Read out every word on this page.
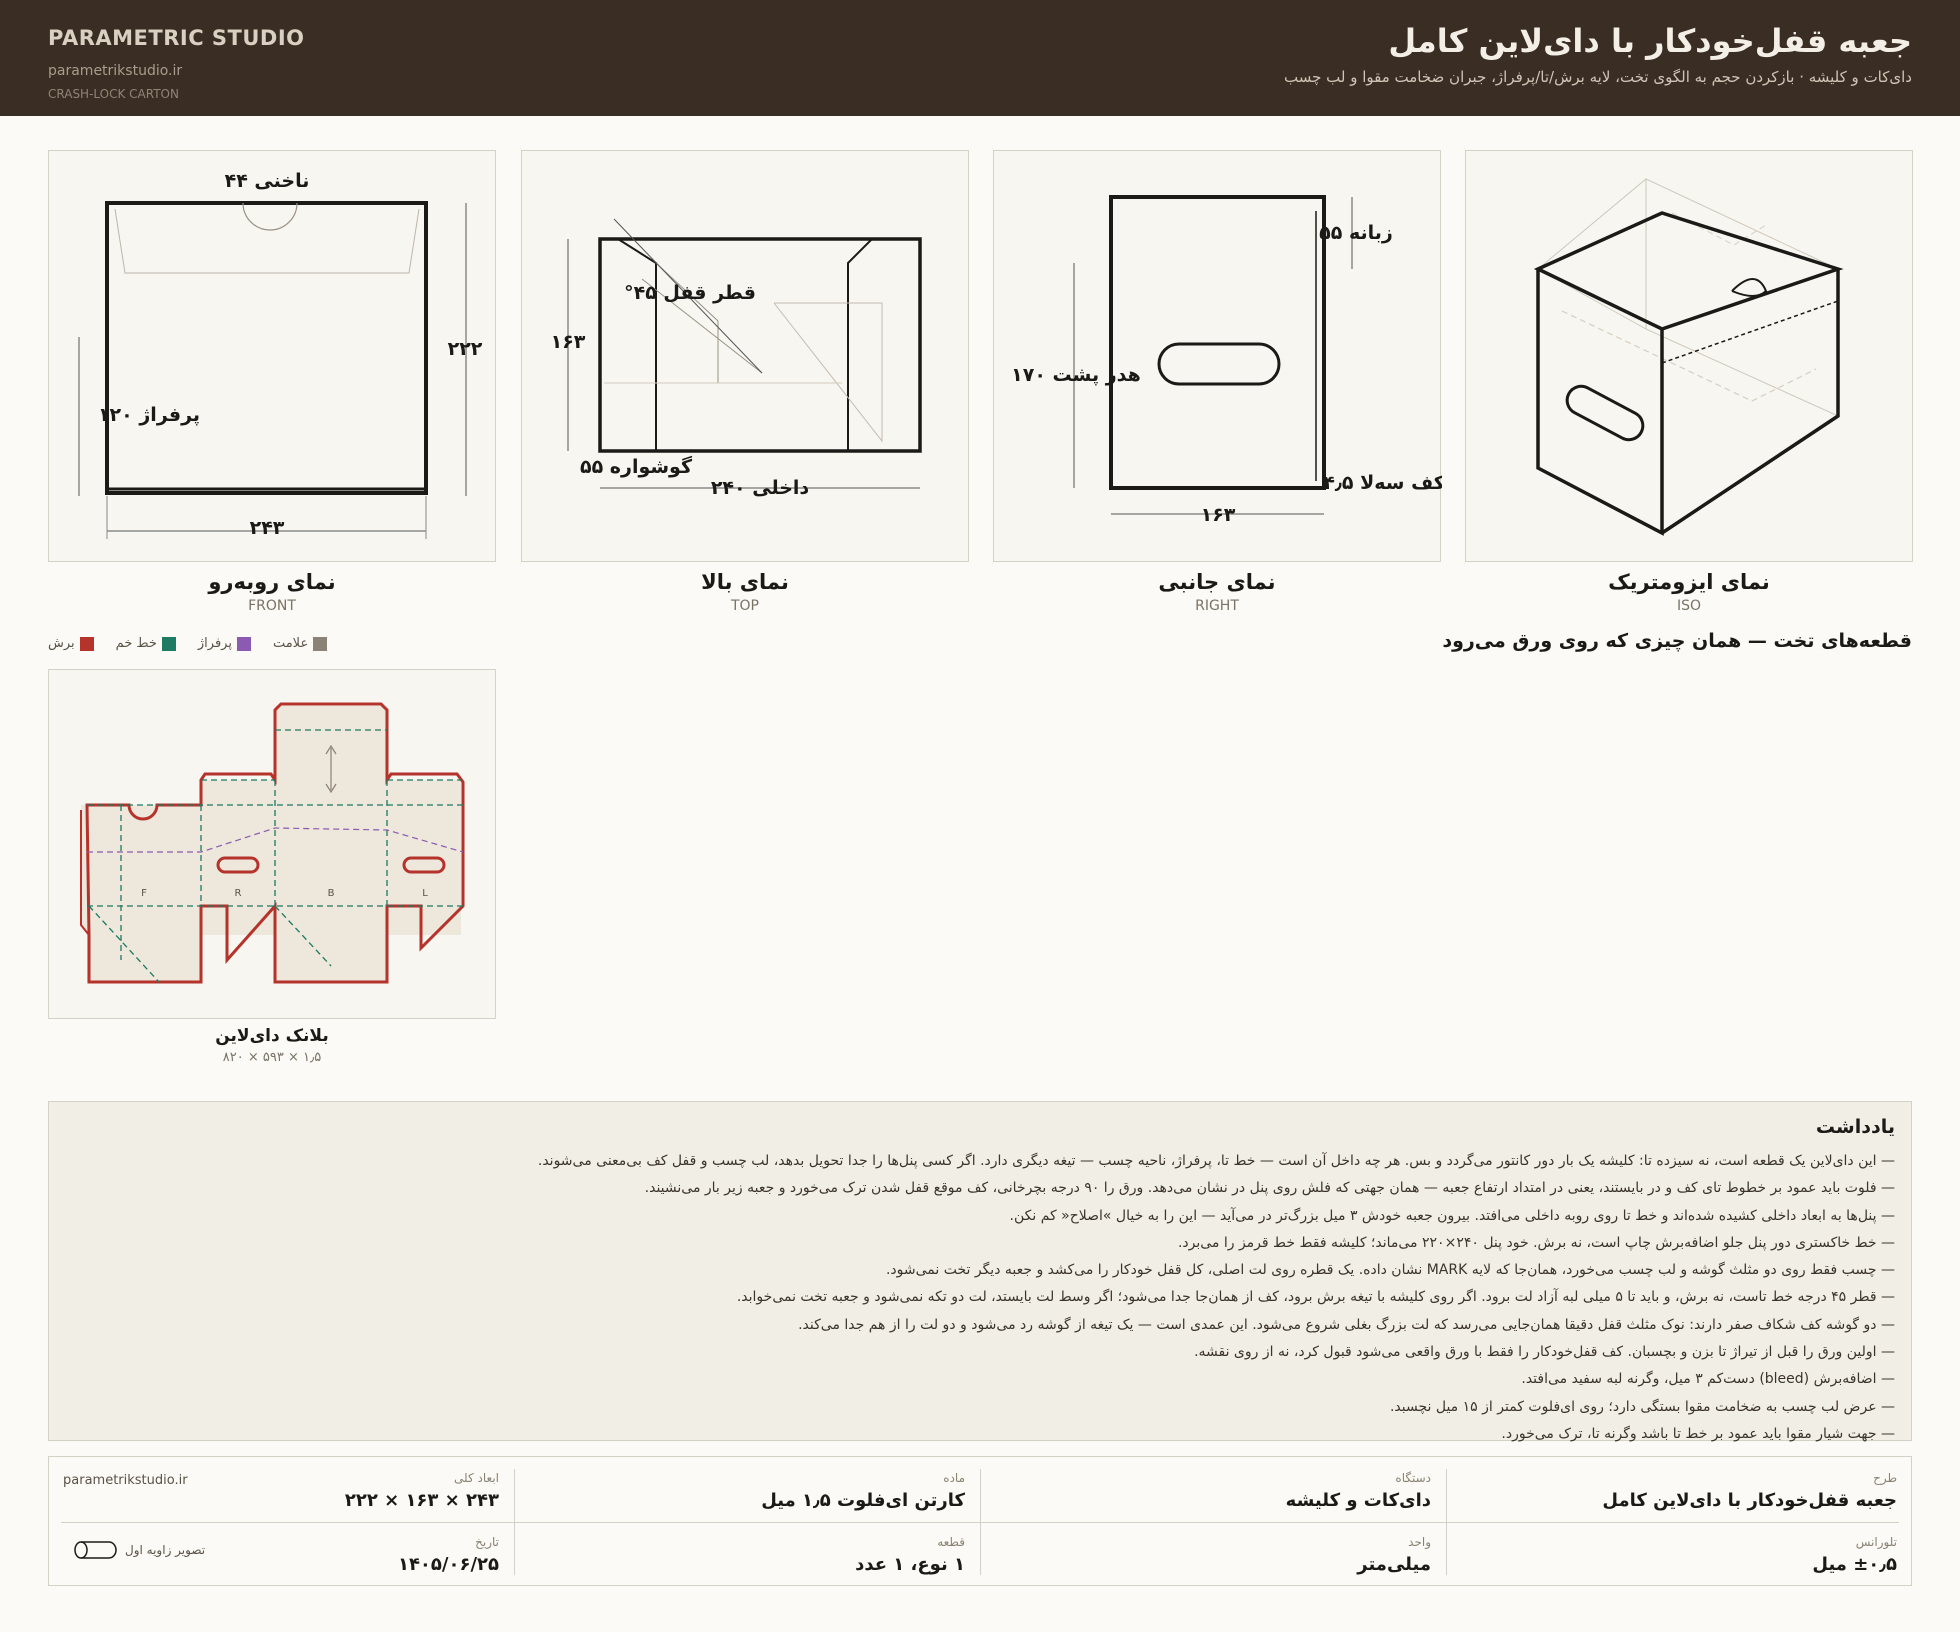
PARAMETRIC STUDIO
parametrikstudio.ir
CRASH-LOCK CARTON
جعبه قفل‌خودکار با دای‌لاین کامل
دای‌کات و کلیشه · بازکردن حجم به الگوی تخت، لایه برش/تا/پرفراژ، جبران ضخامت مقوا و لب چسب
ناخنی ۴۴
۲۲۲
پرفراژ ۱۲۰
۲۴۳
نمای روبه‌رو
FRONT
قطر قفل ۴۵°
۱۶۳
گوشواره ۵۵
داخلی ۲۴۰
نمای بالا
TOP
زبانه ۵۵
هدر پشت ۱۷۰
کف سه‌لا ۴٫۵
۱۶۳
نمای جانبی
RIGHT
نمای ایزومتریک
ISO
برش	خط خم	پرفراژ	علامت	قطعه‌های تخت — همان چیزی که روی ورق می‌رود
F	R	B	L
بلانک دای‌لاین
۸۲۰ × ۵۹۳ × ۱٫۵
یادداشت
— این دای‌لاین یک قطعه است، نه سیزده تا: کلیشه یک بار دور کانتور می‌گردد و بس. هر چه داخل آن است — خط تا، پرفراژ، ناحیه چسب — تیغه دیگری دارد. اگر کسی پنل‌ها را جدا تحویل بدهد، لب چسب و قفل کف بی‌معنی می‌شوند.
— فلوت باید عمود بر خطوط تای کف و در بایستند، یعنی در امتداد ارتفاع جعبه — همان جهتی که فلش روی پنل در نشان می‌دهد. ورق را ۹۰ درجه بچرخانی، کف موقع قفل شدن ترک می‌خورد و جعبه زیر بار می‌نشیند.
— پنل‌ها به ابعاد داخلی کشیده شده‌اند و خط تا روی روبه داخلی می‌افتد. بیرون جعبه خودش ۳ میل بزرگ‌تر در می‌آید — این را به خیال »اصلاح« کم نکن.
— خط خاکستری دور پنل جلو اضافه‌برش چاپ است، نه برش. خود پنل ۲۴۰×۲۲۰ می‌ماند؛ کلیشه فقط خط قرمز را می‌برد.
— چسب فقط روی دو مثلث گوشه و لب چسب می‌خورد، همان‌جا که لایه MARK نشان داده. یک قطره روی لت اصلی، کل قفل خودکار را می‌کشد و جعبه دیگر تخت نمی‌شود.
— قطر ۴۵ درجه خط تاست، نه برش، و باید تا ۵ میلی لبه آزاد لت برود. اگر روی کلیشه با تیغه برش برود، کف از همان‌جا جدا می‌شود؛ اگر وسط لت بایستد، لت دو تکه نمی‌شود و جعبه تخت نمی‌خوابد.
— دو گوشه کف شکاف صفر دارند: نوک مثلث قفل دقیقا همان‌جایی می‌رسد که لت بزرگ بغلی شروع می‌شود. این عمدی است — یک تیغه از گوشه رد می‌شود و دو لت را از هم جدا می‌کند.
— اولین ورق را قبل از تیراژ تا بزن و بچسبان. کف قفل‌خودکار را فقط با ورق واقعی می‌شود قبول کرد، نه از روی نقشه.
— اضافه‌برش (bleed) دست‌کم ۳ میل، وگرنه لبه سفید می‌افتد.
— عرض لب چسب به ضخامت مقوا بستگی دارد؛ روی ای‌فلوت کمتر از ۱۵ میل نچسبد.
— جهت شیار مقوا باید عمود بر خط تا باشد وگرنه تا، ترک می‌خورد.
parametrikstudio.ir
تصویر زاویه اول
طرح
جعبه قفل‌خودکار با دای‌لاین کامل
دستگاه
دای‌کات و کلیشه
ماده
کارتن ای‌فلوت ۱٫۵ میل
ابعاد کلی
۲۴۳ × ۱۶۳ × ۲۲۲
تلورانس
±۰٫۵ میل
واحد
میلی‌متر
قطعه
۱ نوع، ۱ عدد
تاریخ
۱۴۰۵/۰۶/۲۵
